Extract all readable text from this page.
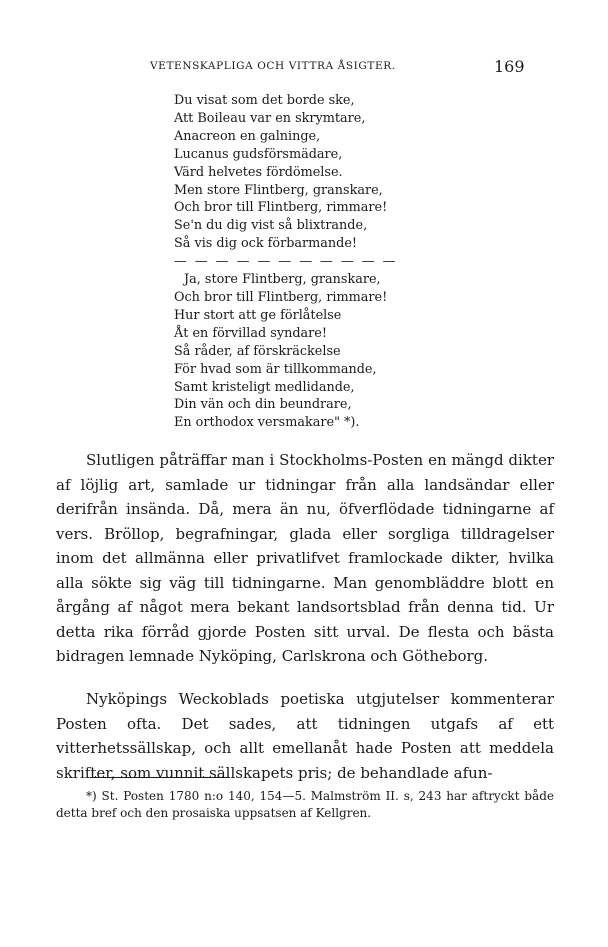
VETENSKAPLIGA OCH VITTRA ÅSIGTER.	169
Du visat som det borde ske,
Att Boileau var en skrymtare,
Anacreon en galninge,
Lucanus gudsförsmädare,
Värd helvetes fördömelse.
Men store Flintberg, granskare,
Och bror till Flintberg, rimmare!
Se'n du dig vist så blixtrande,
Så vis dig ock förbarmande!
— — — — — — — — — — —
Ja, store Flintberg, granskare,
Och bror till Flintberg, rimmare!
Hur stort att ge förlåtelse
Åt en förvillad syndare!
Så råder, af förskräckelse
För hvad som är tillkommande,
Samt kristeligt medlidande,
Din vän och din beundrare,
En orthodox versmakare" *).

Slutligen påträffar man i Stockholms-Posten en mängd dikter af löjlig art, samlade ur tidningar från alla landsändar eller derifrån insända. Då, mera än nu, öfverflödade tidningarne af vers. Bröllop, begrafningar, glada eller sorgliga tilldragelser inom det allmänna eller privatlifvet framlockade dikter, hvilka alla sökte sig väg till tidningarne. Man genombläddre blott en årgång af något mera bekant landsortsblad från denna tid. Ur detta rika förråd gjorde Posten sitt urval. De flesta och bästa bidragen lemnade Nyköping, Carlskrona och Götheborg.

Nyköpings Weckoblads poetiska utgjutelser kommenterar Posten ofta. Det sades, att tidningen utgafs af ett vitterhetssällskap, och allt emellanåt hade Posten att meddela skrifter, som vunnit sällskapets pris; de behandlade afun-

*) St. Posten 1780 n:o 140, 154—5. Malmström II. s, 243 har aftryckt både detta bref och den prosaiska uppsatsen af Kellgren.
